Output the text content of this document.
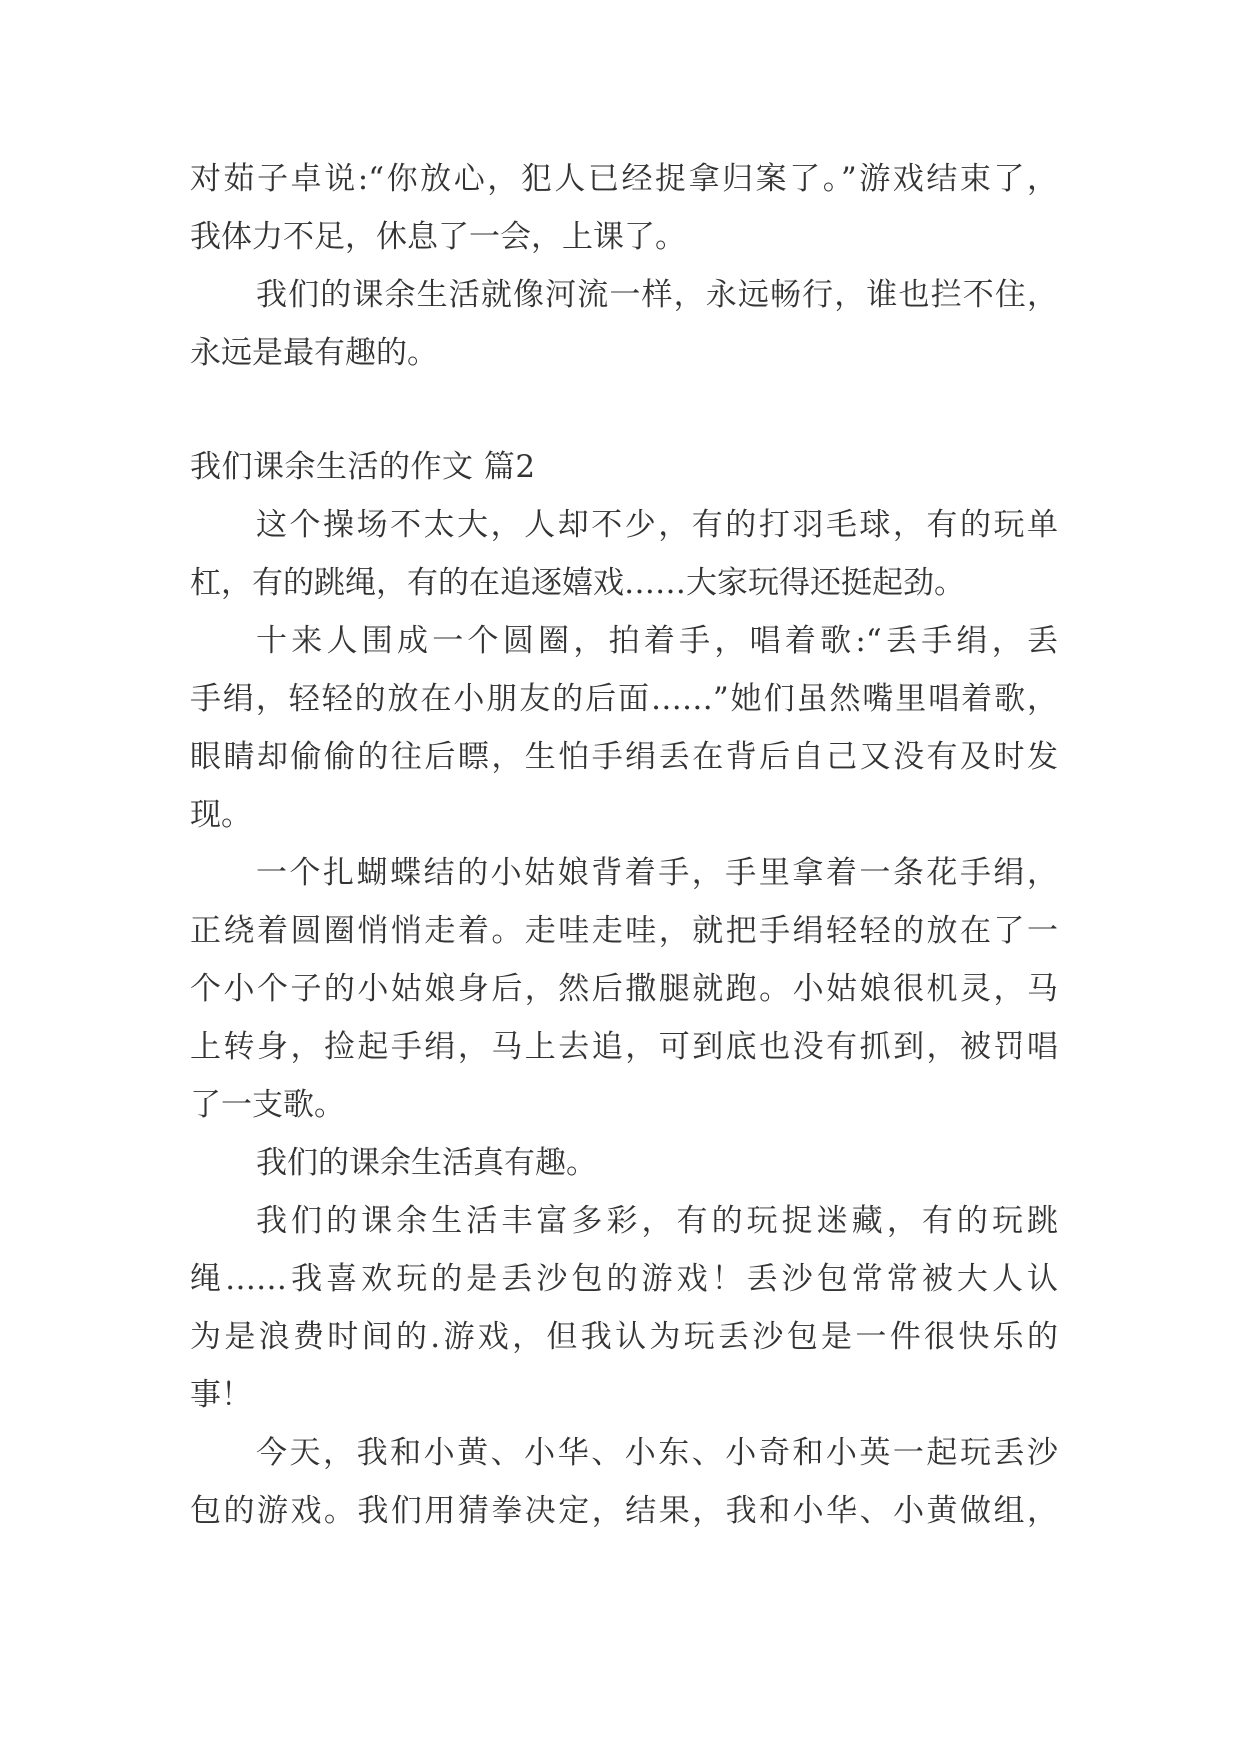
对茹子卓说:“你放心，犯人已经捉拿归案了。”游戏结束了，
我体力不足，休息了一会，上课了。
我们的课余生活就像河流一样，永远畅行，谁也拦不住，
永远是最有趣的。
我们课余生活的作文 篇2
这个操场不太大，人却不少，有的打羽毛球，有的玩单
杠，有的跳绳，有的在追逐嬉戏……大家玩得还挺起劲。
十来人围成一个圆圈，拍着手，唱着歌:“丢手绢，丢
手绢，轻轻的放在小朋友的后面……”她们虽然嘴里唱着歌，
眼睛却偷偷的往后瞟，生怕手绢丢在背后自己又没有及时发
现。
一个扎蝴蝶结的小姑娘背着手，手里拿着一条花手绢，
正绕着圆圈悄悄走着。走哇走哇，就把手绢轻轻的放在了一
个小个子的小姑娘身后，然后撒腿就跑。小姑娘很机灵，马
上转身，捡起手绢，马上去追，可到底也没有抓到，被罚唱
了一支歌。
我们的课余生活真有趣。
我们的课余生活丰富多彩，有的玩捉迷藏，有的玩跳
绳……我喜欢玩的是丢沙包的游戏！丢沙包常常被大人认
为是浪费时间的.游戏，但我认为玩丢沙包是一件很快乐的
事！
今天，我和小黄、小华、小东、小奇和小英一起玩丢沙
包的游戏。我们用猜拳决定，结果，我和小华、小黄做组，
